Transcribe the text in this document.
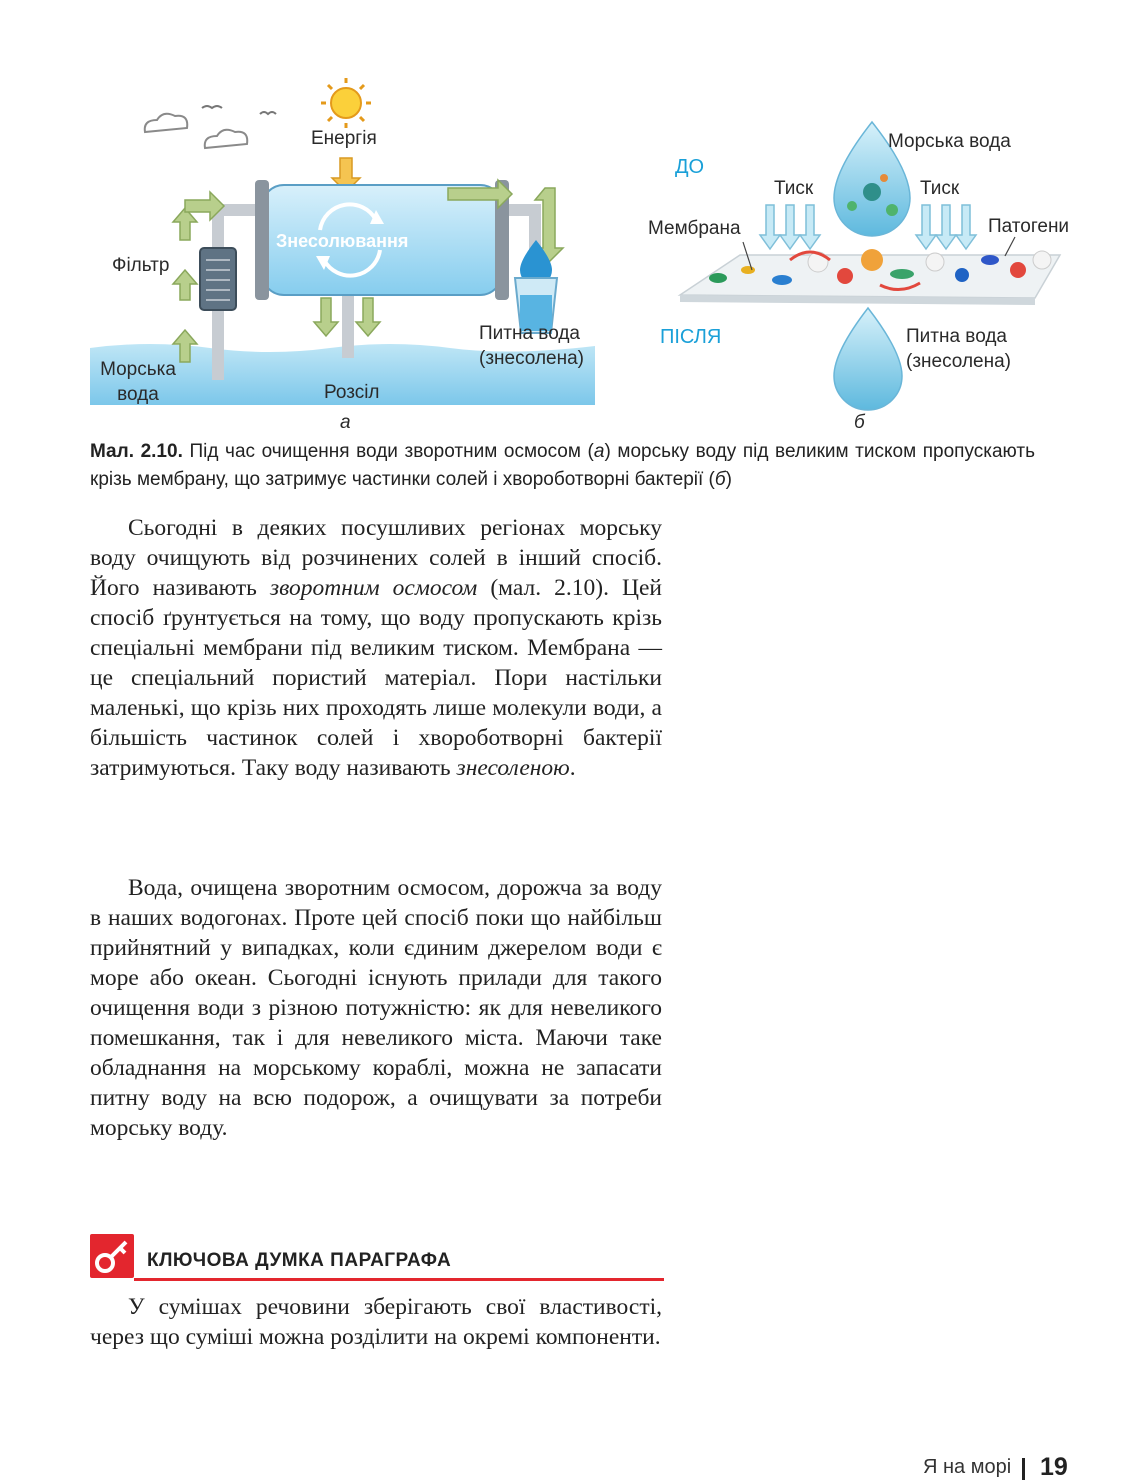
Енергія
Знесолювання
Фільтр
Морська вода
Питна вода
(знесолена)
Розсіл
а
ДО
ПІСЛЯ
Морська вода
Тиск	Тиск
Мембрана	Патогени
Питна вода
(знесолена)
б
Мал. 2.10. Під час очищення води зворотним осмосом (а) морську воду під великим тиском пропускають крізь мембрану, що затримує частинки солей і хвороботворні бактерії (б)

Сьогодні в деяких посушливих регіонах морську воду очищують від розчинених солей в інший спосіб. Його називають зворотним осмосом (мал. 2.10). Цей спосіб ґрунтується на тому, що воду пропускають крізь спеціальні мембрани під великим тиском. Мембрана — це спеціальний пористий матеріал. Пори настільки маленькі, що крізь них проходять лише молекули води, а більшість частинок солей і хвороботворні бактерії затримуються. Таку воду називають знесоленою.

Вода, очищена зворотним осмосом, дорожча за воду в наших водогонах. Проте цей спосіб поки що найбільш прийнятний у випадках, коли єдиним джерелом води є море або океан. Сьогодні існують прилади для такого очищення води з різною потужністю: як для невеликого помешкання, так і для невеликого міста. Маючи таке обладнання на морському кораблі, можна не запасати питну воду на всю подорож, а очищувати за потреби морську воду.

КЛЮЧОВА ДУМКА ПАРАГРАФА

У сумішах речовини зберігають свої властивості, через що суміші можна розділити на окремі компоненти.

Я на морі 19
